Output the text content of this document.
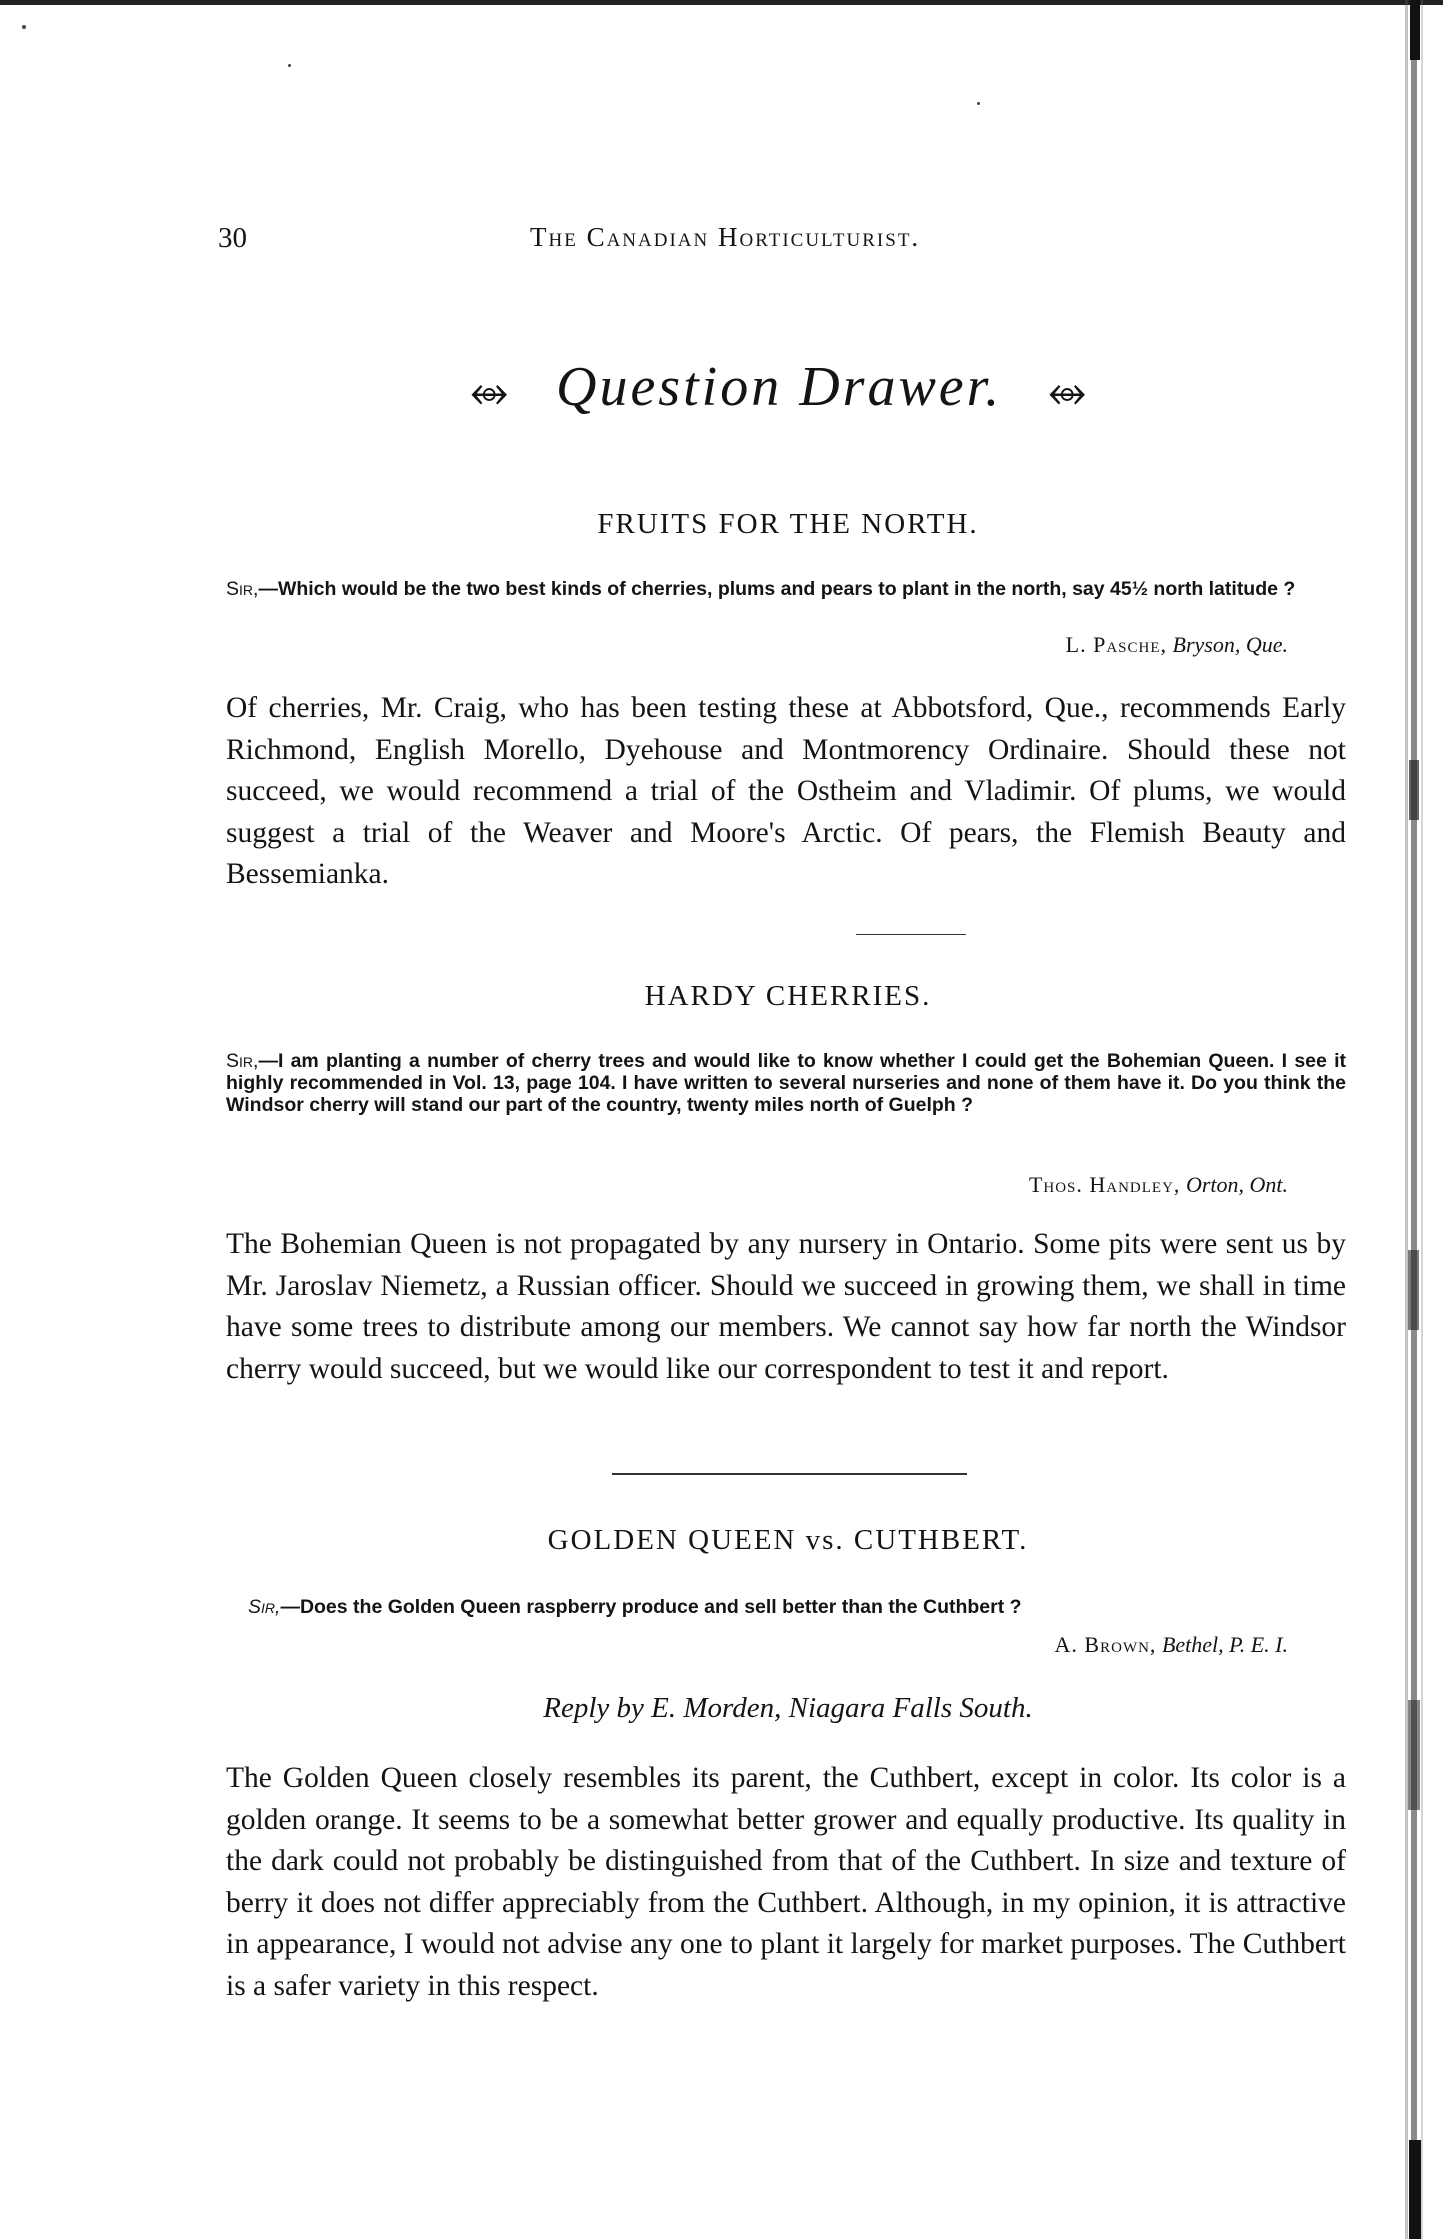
30	The Canadian Horticulturist.
⥈ Question Drawer. ⥈
FRUITS FOR THE NORTH.
Sir,—Which would be the two best kinds of cherries, plums and pears to plant in the north, say 45½ north latitude ?
L. Pasche, Bryson, Que.
Of cherries, Mr. Craig, who has been testing these at Abbotsford, Que., recommends Early Richmond, English Morello, Dyehouse and Montmorency Ordinaire. Should these not succeed, we would recommend a trial of the Ostheim and Vladimir. Of plums, we would suggest a trial of the Weaver and Moore's Arctic. Of pears, the Flemish Beauty and Bessemianka.
HARDY CHERRIES.
Sir,—I am planting a number of cherry trees and would like to know whether I could get the Bohemian Queen. I see it highly recommended in Vol. 13, page 104. I have written to several nurseries and none of them have it. Do you think the Windsor cherry will stand our part of the country, twenty miles north of Guelph ?
Thos. Handley, Orton, Ont.
The Bohemian Queen is not propagated by any nursery in Ontario. Some pits were sent us by Mr. Jaroslav Niemetz, a Russian officer. Should we succeed in growing them, we shall in time have some trees to distribute among our members. We cannot say how far north the Windsor cherry would succeed, but we would like our correspondent to test it and report.
GOLDEN QUEEN vs. CUTHBERT.
Sir,—Does the Golden Queen raspberry produce and sell better than the Cuthbert ?
A. Brown, Bethel, P. E. I.
Reply by E. Morden, Niagara Falls South.
The Golden Queen closely resembles its parent, the Cuthbert, except in color. Its color is a golden orange. It seems to be a somewhat better grower and equally productive. Its quality in the dark could not probably be distinguished from that of the Cuthbert. In size and texture of berry it does not differ appreciably from the Cuthbert. Although, in my opinion, it is attractive in appearance, I would not advise any one to plant it largely for market purposes. The Cuthbert is a safer variety in this respect.
